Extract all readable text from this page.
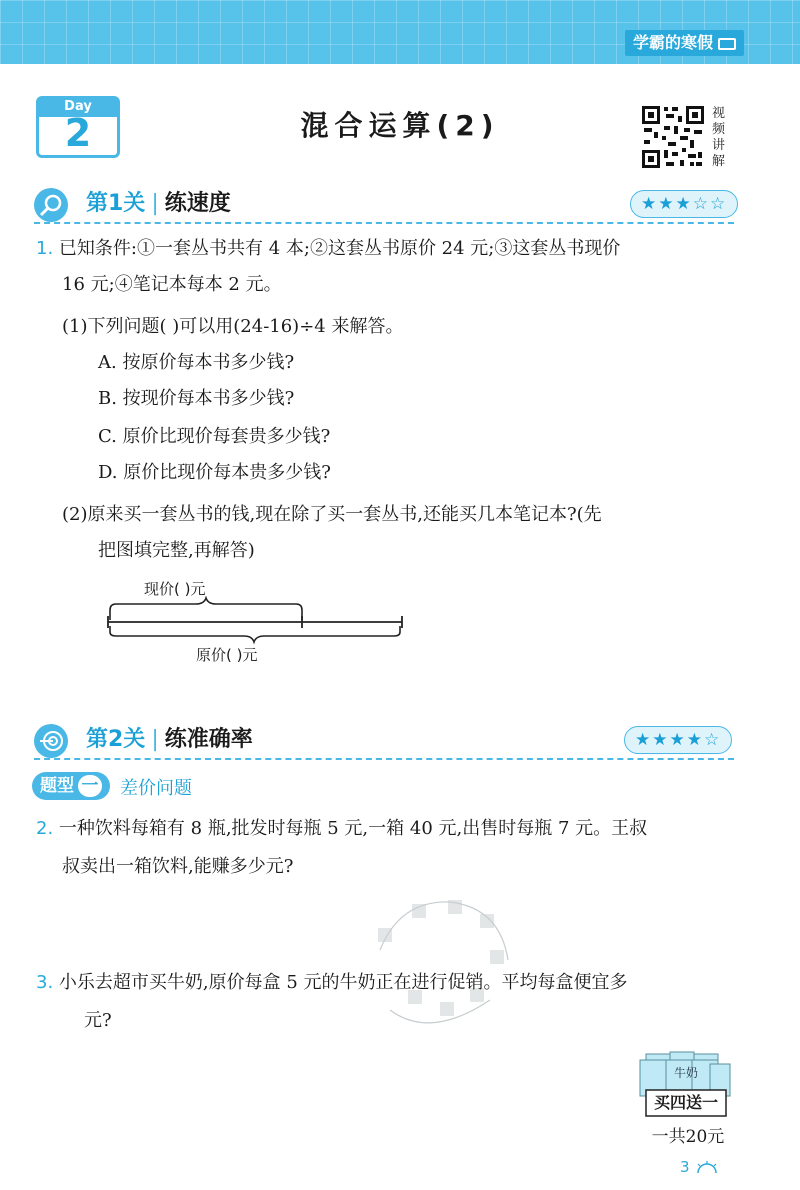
学霸的寒假
Day
2	混合运算(2)	视
频
讲
解
第1关 | 练速度	★★★☆☆
1. 已知条件:①一套丛书共有 4 本;②这套丛书原价 24 元;③这套丛书现价
16 元;④笔记本每本 2 元。
(1)下列问题( )可以用(24-16)÷4 来解答。
A. 按原价每本书多少钱?
B. 按现价每本书多少钱?
C. 原价比现价每套贵多少钱?
D. 原价比现价每本贵多少钱?
(2)原来买一套丛书的钱,现在除了买一套丛书,还能买几本笔记本?(先
把图填完整,再解答)
现价( )元
原价( )元
第2关 | 练准确率	★★★★☆
题型 一	差价问题
2. 一种饮料每箱有 8 瓶,批发时每瓶 5 元,一箱 40 元,出售时每瓶 7 元。王叔
叔卖出一箱饮料,能赚多少元?
3. 小乐去超市买牛奶,原价每盒 5 元的牛奶正在进行促销。平均每盒便宜多
元?
牛奶
买四送一
一共20元
3
